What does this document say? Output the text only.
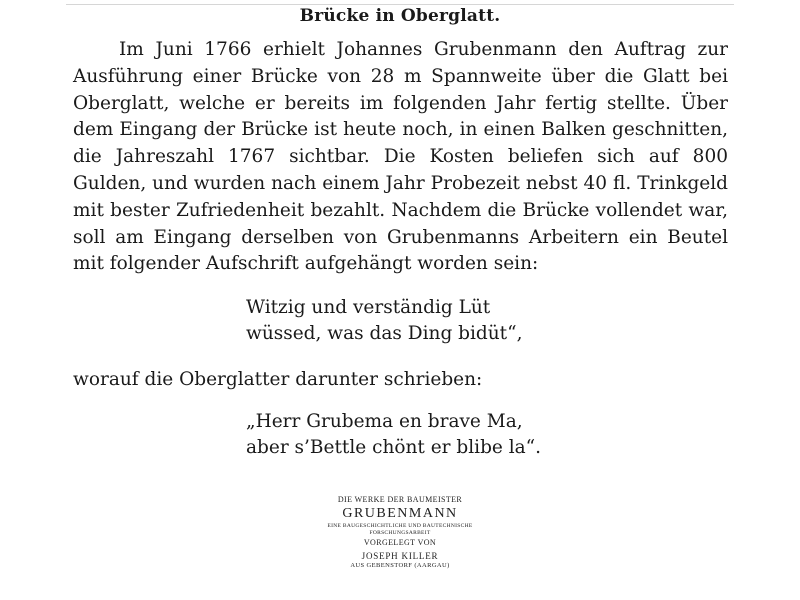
Brücke in Oberglatt.
Im Juni 1766 erhielt Johannes Grubenmann den Auftrag zur Ausführung einer Brücke von 28 m Spannweite über die Glatt bei Oberglatt, welche er bereits im folgenden Jahr fertig stellte. Über dem Eingang der Brücke ist heute noch, in einen Balken geschnitten, die Jahreszahl 1767 sichtbar. Die Kosten beliefen sich auf 800 Gulden, und wurden nach einem Jahr Probezeit nebst 40 fl. Trinkgeld mit bester Zufriedenheit bezahlt. Nachdem die Brücke vollendet war, soll am Eingang derselben von Grubenmanns Arbeitern ein Beutel mit folgender Aufschrift aufgehängt worden sein:
Witzig und verständig Lüt
wüssed, was das Ding bidüt“,
worauf die Oberglatter darunter schrieben:
„Herr Grubema en brave Ma,
aber s’Bettle chönt er blibe la“.
DIE WERKE DER BAUMEISTER
GRUBENMANN
EINE BAUGESCHICHTLICHE UND BAUTECHNISCHE
FORSCHUNGSARBEIT
VORGELEGT VON
JOSEPH KILLER
AUS GEBENSTORF (AARGAU)
